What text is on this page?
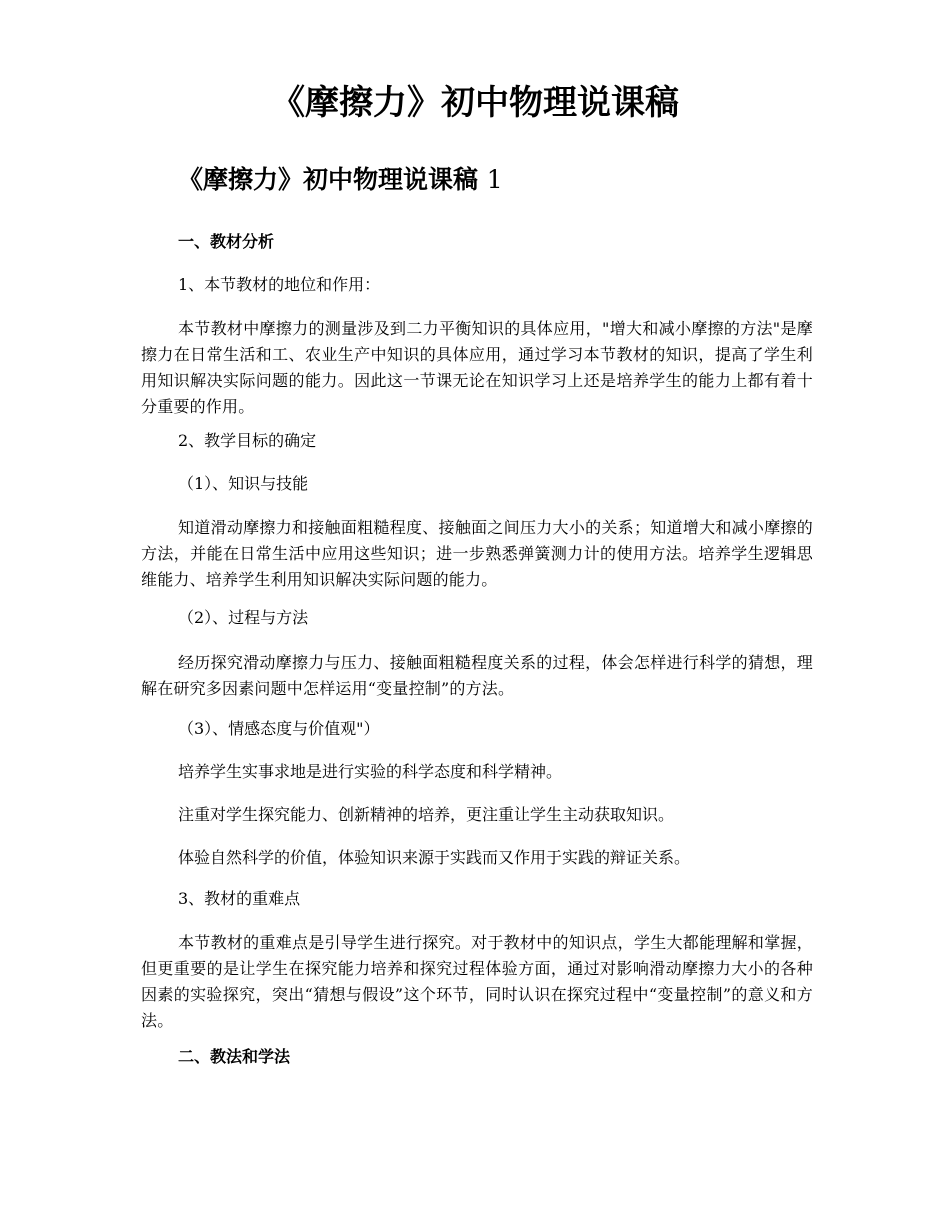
《摩擦力》初中物理说课稿
《摩擦力》初中物理说课稿 1

一、教材分析

1、本节教材的地位和作用：

本节教材中摩擦力的测量涉及到二力平衡知识的具体应用，"增大和减小摩擦的方法"是摩擦力在日常生活和工、农业生产中知识的具体应用，通过学习本节教材的知识，提高了学生利用知识解决实际问题的能力。因此这一节课无论在知识学习上还是培养学生的能力上都有着十分重要的作用。

2、教学目标的确定

（1）、知识与技能

知道滑动摩擦力和接触面粗糙程度、接触面之间压力大小的关系；知道增大和减小摩擦的方法，并能在日常生活中应用这些知识；进一步熟悉弹簧测力计的使用方法。培养学生逻辑思维能力、培养学生利用知识解决实际问题的能力。

（2）、过程与方法

经历探究滑动摩擦力与压力、接触面粗糙程度关系的过程，体会怎样进行科学的猜想，理解在研究多因素问题中怎样运用“变量控制”的方法。

（3）、情感态度与价值观"）

培养学生实事求地是进行实验的科学态度和科学精神。

注重对学生探究能力、创新精神的培养，更注重让学生主动获取知识。

体验自然科学的价值，体验知识来源于实践而又作用于实践的辩证关系。

3、教材的重难点

本节教材的重难点是引导学生进行探究。对于教材中的知识点，学生大都能理解和掌握，但更重要的是让学生在探究能力培养和探究过程体验方面，通过对影响滑动摩擦力大小的各种因素的实验探究，突出“猜想与假设”这个环节，同时认识在探究过程中“变量控制”的意义和方法。

二、教法和学法
